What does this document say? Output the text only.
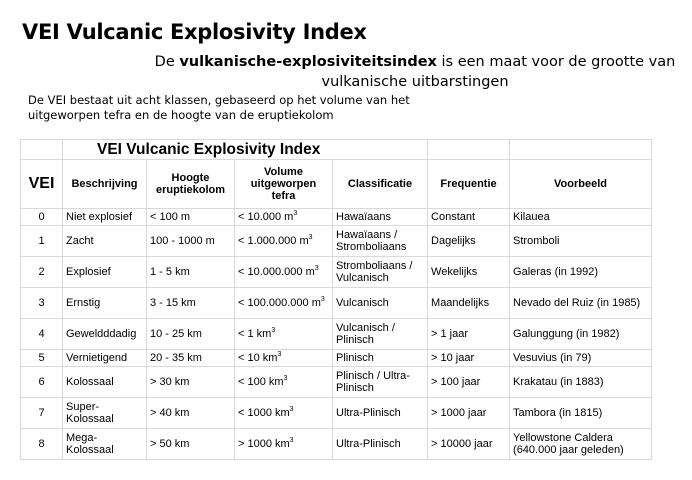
VEI Vulcanic Explosivity Index
De vulkanische-explosiviteitsindex is een maat voor de grootte van vulkanische uitbarstingen
De VEI bestaat uit acht klassen, gebaseerd op het volume van het uitgeworpen tefra en de hoogte van de eruptiekolom
	VEI Vulcanic Explosivity Index					
VEI	Beschrijving	Hoogte eruptiekolom	Volume uitgeworpen tefra	Classificatie	Frequentie	Voorbeeld
0	Niet explosief	< 100 m	< 10.000 $m^3$	Hawaïaans	Constant	Kilauea
1	Zacht	100 - 1000 m	< 1.000.000 $m^3$	Hawaïaans / Stromboliaans	Dagelijks	Stromboli
2	Explosief	1 - 5 km	< 10.000.000 $m^3$	Stromboliaans / Vulcanisch	Wekelijks	Galeras (in 1992)
3	Ernstig	3 - 15 km	< 100.000.000 $m^3$	Vulcanisch	Maandelijks	Nevado del Ruiz (in 1985)
4	Geweldddadig	10 - 25 km	< 1 $km^3$	Vulcanisch / Plinisch	> 1 jaar	Galunggung (in 1982)
5	Vernietigend	20 - 35 km	< 10 $km^3$	Plinisch	> 10 jaar	Vesuvius (in 79)
6	Kolossaal	> 30 km	< 100 $km^3$	Plinisch / Ultra-Plinisch	> 100 jaar	Krakatau (in 1883)
7	Super-Kolossaal	> 40 km	< 1000 $km^3$	Ultra-Plinisch	> 1000 jaar	Tambora (in 1815)
8	Mega-Kolossaal	> 50 km	> 1000 $km^3$	Ultra-Plinisch	> 10000 jaar	Yellowstone Caldera (640.000 jaar geleden)
